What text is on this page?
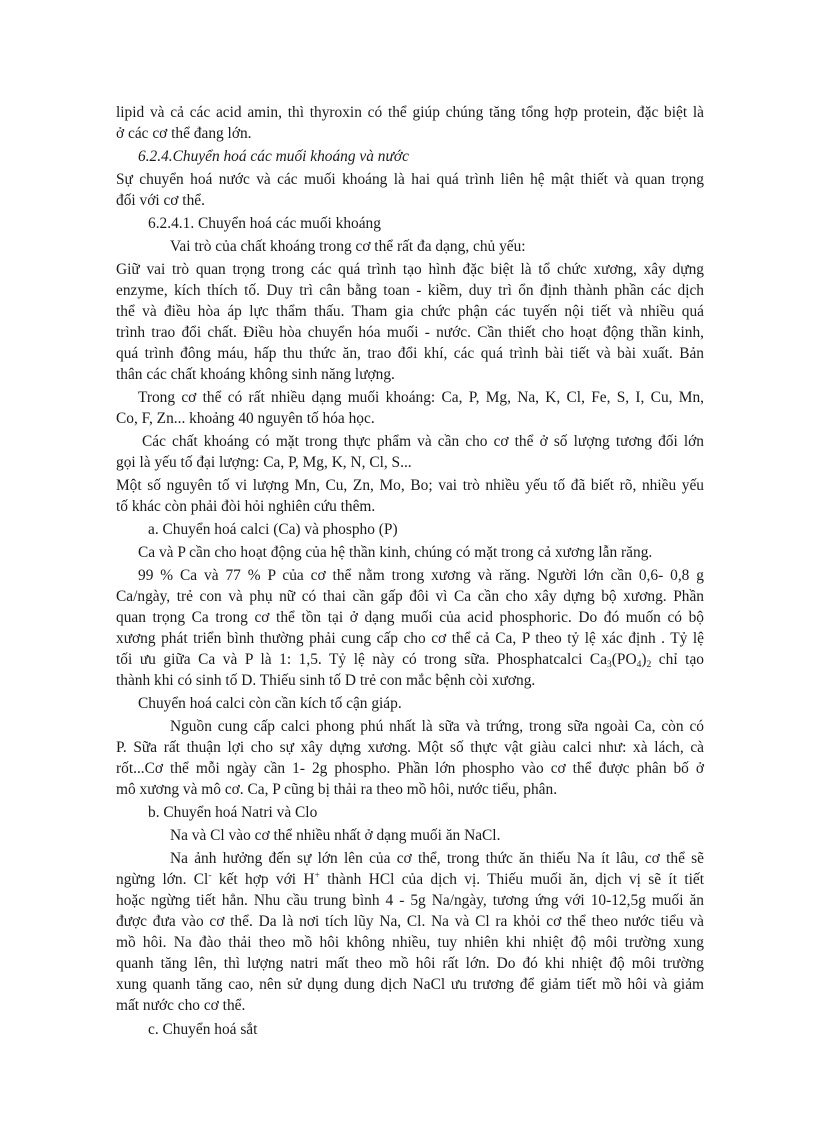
lipid và cả các acid amin, thì thyroxin có thể giúp chúng tăng tổng hợp protein, đặc biệt là
ở các cơ thể đang lớn.
6.2.4.Chuyển hoá các muối khoáng và nước
Sự chuyển hoá nước và các muối khoáng là hai quá trình liên hệ mật thiết và quan trọng
đối với cơ thể.
6.2.4.1. Chuyển hoá các muối khoáng
Vai trò của chất khoáng trong cơ thể rất đa dạng, chủ yếu:
Giữ vai trò quan trọng trong các quá trình tạo hình đặc biệt là tổ chức xương, xây dựng
enzyme, kích thích tố. Duy trì cân bằng toan - kiềm, duy trì ổn định thành phần các dịch
thể và điều hòa áp lực thẩm thấu. Tham gia chức phận các tuyến nội tiết và nhiều quá
trình trao đổi chất. Điều hòa chuyển hóa muối - nước. Cần thiết cho hoạt động thần kinh,
quá trình đông máu, hấp thu thức ăn, trao đổi khí, các quá trình bài tiết và bài xuất. Bản
thân các chất khoáng không sinh năng lượng.
Trong cơ thể có rất nhiều dạng muối khoáng: Ca, P, Mg, Na, K, Cl, Fe, S, I, Cu, Mn,
Co, F, Zn... khoảng 40 nguyên tố hóa học.
Các chất khoáng có mặt trong thực phẩm và cần cho cơ thể ở số lượng tương đối lớn
gọi là yếu tố đại lượng: Ca, P, Mg, K, N, Cl, S...
Một số nguyên tố vi lượng Mn, Cu, Zn, Mo, Bo; vai trò nhiều yếu tố đã biết rõ, nhiều yếu
tố khác còn phải đòi hỏi nghiên cứu thêm.
a. Chuyển hoá calci (Ca) và phospho (P)
Ca và P cần cho hoạt động của hệ thần kinh, chúng có mặt trong cả xương lẫn răng.
99 % Ca và 77 % P của cơ thể nằm trong xương và răng. Người lớn cần 0,6- 0,8 g
Ca/ngày, trẻ con và phụ nữ có thai cần gấp đôi vì Ca cần cho xây dựng bộ xương. Phần
quan trọng Ca trong cơ thể tồn tại ở dạng muối của acid phosphoric. Do đó muốn có bộ
xương phát triển bình thường phải cung cấp cho cơ thể cả Ca, P theo tỷ lệ xác định . Tỷ lệ
tối ưu giữa Ca và P là 1: 1,5. Tỷ lệ này có trong sữa. Phosphatcalci $Ca_3(PO_4)_2$ chỉ tạo
thành khi có sinh tố D. Thiếu sinh tố D trẻ con mắc bệnh còi xương.
Chuyển hoá calci còn cần kích tố cận giáp.
Nguồn cung cấp calci phong phú nhất là sữa và trứng, trong sữa ngoài Ca, còn có
P. Sữa rất thuận lợi cho sự xây dựng xương. Một số thực vật giàu calci như: xà lách, cà
rốt...Cơ thể mỗi ngày cần 1- 2g phospho. Phần lớn phospho vào cơ thể được phân bố ở
mô xương và mô cơ. Ca, P cũng bị thải ra theo mồ hôi, nước tiểu, phân.
b. Chuyển hoá Natri và Clo
Na và Cl vào cơ thể nhiều nhất ở dạng muối ăn NaCl.
Na ảnh hưởng đến sự lớn lên của cơ thể, trong thức ăn thiếu Na ít lâu, cơ thể sẽ
ngừng lớn. Cl- kết hợp với H+ thành HCl của dịch vị. Thiếu muối ăn, dịch vị sẽ ít tiết
hoặc ngừng tiết hẳn. Nhu cầu trung bình 4 - 5g Na/ngày, tương ứng với 10-12,5g muối ăn
được đưa vào cơ thể. Da là nơi tích lũy Na, Cl. Na và Cl ra khỏi cơ thể theo nước tiểu và
mồ hôi. Na đào thải theo mồ hôi không nhiều, tuy nhiên khi nhiệt độ môi trường xung
quanh tăng lên, thì lượng natri mất theo mồ hôi rất lớn. Do đó khi nhiệt độ môi trường
xung quanh tăng cao, nên sử dụng dung dịch NaCl ưu trương để giảm tiết mồ hôi và giảm
mất nước cho cơ thể.
c. Chuyển hoá sắt
